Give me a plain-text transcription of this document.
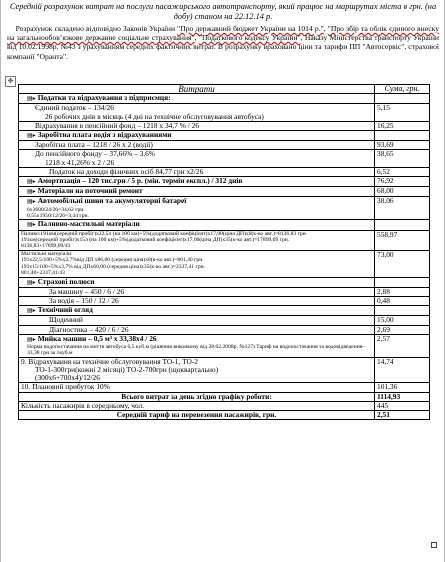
Середній розрахунок витрат на послуги пасажирського автотранспорту, який працює на маршрутах міста в грн. (на добу) станом на 22.12.14 р.
Розрахунок складено відповідно Законів України "Про державний бюджет України на 1014 р.", "Про збір та облік єдиного внеску на загальнообов’язкове державне соціальне страхування", "Податкового кодексу України", Наказу Міністерства транспорту України від 10.02.1998р. №43 з урахуванням середніх фактичних витрат. В розрахунку враховано ціни та тарифи ПП "Автосервіс", страхової компанії "Оранта".
✥
Витрати	Сума, грн.
▤▸ Податки та відрахування з підприємця:	
Єдиний податок – 134/26
26 робочих днів в місяць (4 дні на технічне обслуговування автобуса)	5,15
Відрахування в пенсійний фонд – 1218 х 34,7 % / 26	16,25
▤▸ Заробітна плата водія з відрахуваннями	
Заробітна плата – 1218 / 26 х 2 (водії)	93,69
До пенсійного фонду – 37,66% – 3,6%
1218 х 41,26% х 2 / 26	38,65
Податок на доходи фізичних осіб 84,77 грн х2/26	6,52
▤▸ Амортизація – 120 тис.грн / 5 р. (мін. термін експл.) / 312 днів	76,92
▤▸ Матеріали на поточний ремонт	68,00
▤▸ Автомобільні шини та акумуляторні батареї
6х3600/24/26=34,62 грн.
0,55х1950/12/26=3,44 грн.	38,06
▤▸ Паливно-мастильні матеріали	
Паливо:191км(середній пробіг)х22,5л (на 100 км)+5%(додатковий коефіцієнт)х17,00(ціна ДП)х8(к-ко авт.)=8136,83 грн.
191км(середній пробіг)х15л (на 100 км)+5%(додатковий коефіцієнт)х17,00(ціна ДП)х35(к-ко авт.)=17899,09 грн.
8136,83+17899,09/43	558,97
Мастильні матеріали:
191х22,5/100+5%х3,7%від ДП х86,00 (середня ціна)х8(к-ко авт.)=801,40 грн.
191х15/100+5%х3,7% від ДПх60,00 (середня ціна)х35(к-ко авт.)=2337,41 грн.
801,40+2337,41/43	73,00
▤▸ Страхові полюси	
За машину – 450 / 6 / 26	2,88
За водія – 150 / 12 / 26	0,48
▤▸ Технічний огляд	
Щоденний	15,00
Діагностика – 420 / 6 / 26	2,69
▤▸ Мийка машин – 0,5 м³ х 33,38х4 / 26
Норма водопостачання на миття автобуса 0,5 куб.м (рішення виконкому від 28.02.2008р. №127) Тариф на водопостачання та водовідведення–33,38 грн за 1куб.м	2,57
9. Відрахування на технічне обслуговування ТО-1, ТО-2
ТО-1-300грн(кожні 2 місяці) ТО-2-700грн (щоквартально)
(300х6+700х4)/12/26	14,74
10. Плановий прибуток 10%	101,36
Всього витрат за день згідно графіку роботи:	1114,93
Кількість пасажирів в середньому, чол.	445
Середній тариф на перевезення пасажирів, грн.	2,51
